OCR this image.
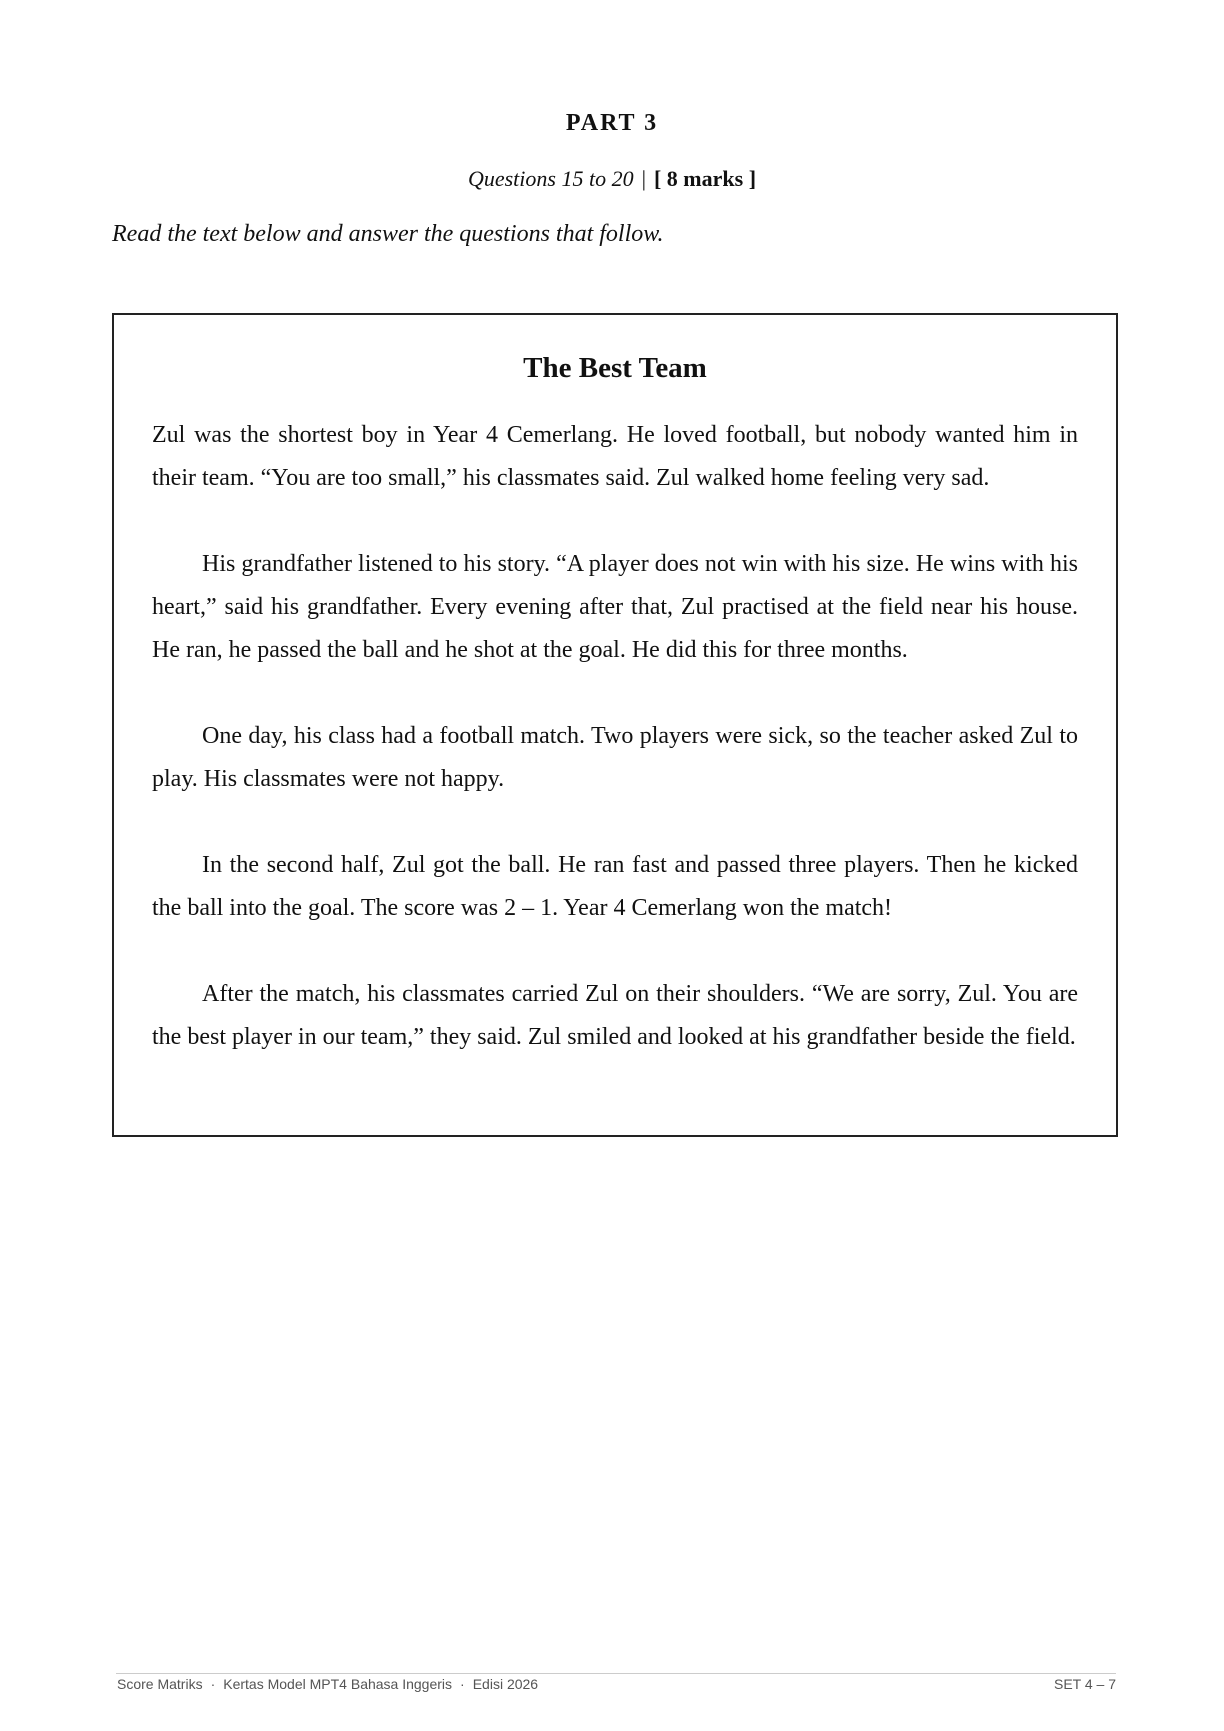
PART 3
Questions 15 to 20 | [ 8 marks ]
Read the text below and answer the questions that follow.
The Best Team

Zul was the shortest boy in Year 4 Cemerlang. He loved football, but nobody wanted him in their team. “You are too small,” his classmates said. Zul walked home feeling very sad.

His grandfather listened to his story. “A player does not win with his size. He wins with his heart,” said his grandfather. Every evening after that, Zul practised at the field near his house. He ran, he passed the ball and he shot at the goal. He did this for three months.

One day, his class had a football match. Two players were sick, so the teacher asked Zul to play. His classmates were not happy.

In the second half, Zul got the ball. He ran fast and passed three players. Then he kicked the ball into the goal. The score was 2 – 1. Year 4 Cemerlang won the match!

After the match, his classmates carried Zul on their shoulders. “We are sorry, Zul. You are the best player in our team,” they said. Zul smiled and looked at his grandfather beside the field.

Score Matriks · Kertas Model MPT4 Bahasa Inggeris · Edisi 2026	SET 4 – 7
